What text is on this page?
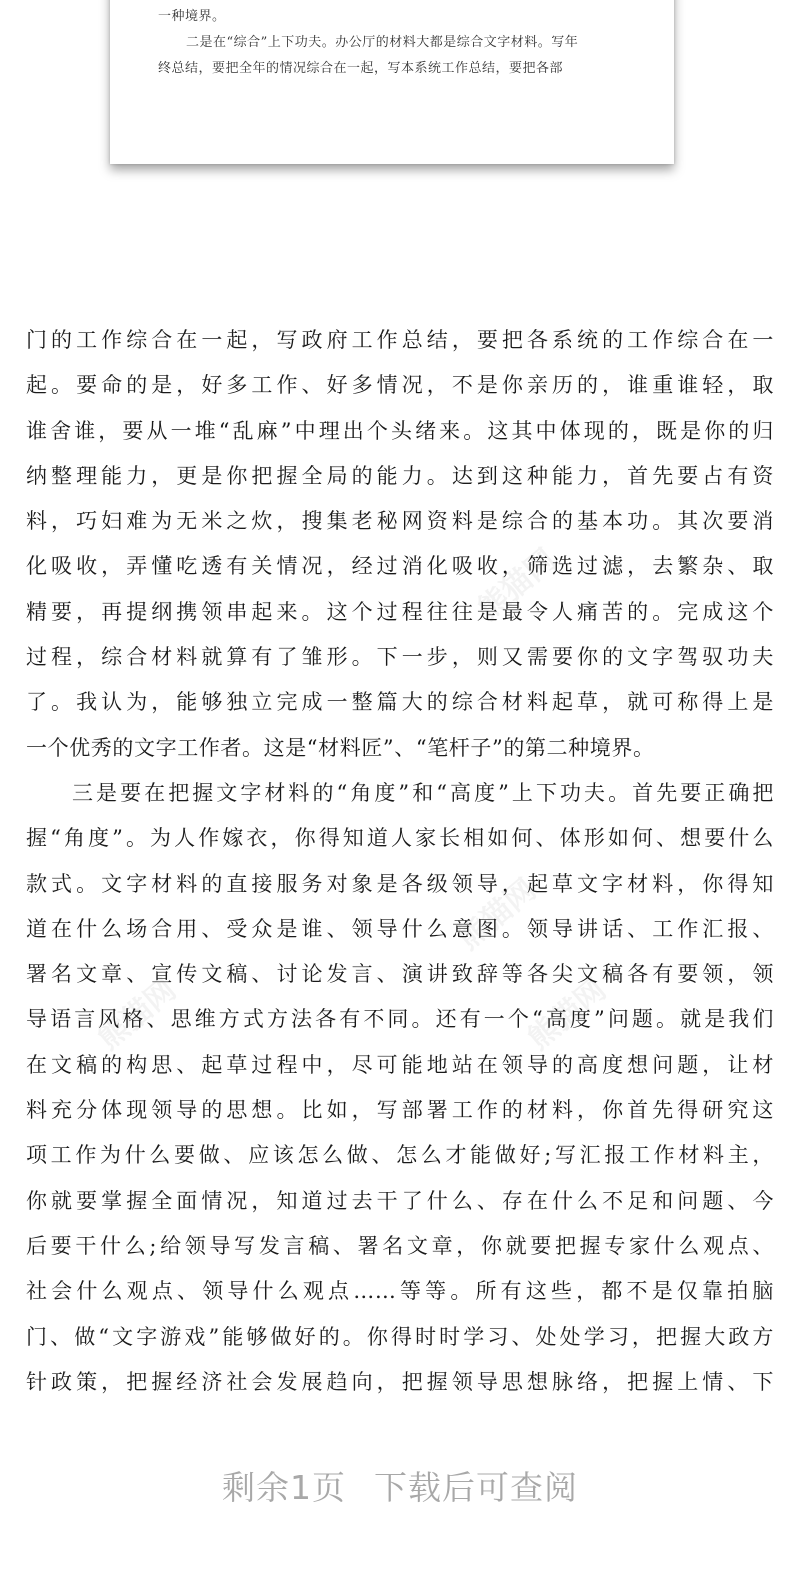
一种境界。
二是在“综合”上下功夫。办公厅的材料大都是综合文字材料。写年
终总结，要把全年的情况综合在一起，写本系统工作总结，要把各部
熊猫网
熊猫网
熊猫网	熊猫网
门的工作综合在一起，写政府工作总结，要把各系统的工作综合在一
起。要命的是，好多工作、好多情况，不是你亲历的，谁重谁轻，取
谁舍谁，要从一堆“乱麻”中理出个头绪来。这其中体现的，既是你的归
纳整理能力，更是你把握全局的能力。达到这种能力，首先要占有资
料，巧妇难为无米之炊，搜集老秘网资料是综合的基本功。其次要消
化吸收，弄懂吃透有关情况，经过消化吸收，筛选过滤，去繁杂、取
精要，再提纲携领串起来。这个过程往往是最令人痛苦的。完成这个
过程，综合材料就算有了雏形。下一步，则又需要你的文字驾驭功夫
了。我认为，能够独立完成一整篇大的综合材料起草，就可称得上是
一个优秀的文字工作者。这是“材料匠”、“笔杆子”的第二种境界。
三是要在把握文字材料的“角度”和“高度”上下功夫。首先要正确把
握“角度”。为人作嫁衣，你得知道人家长相如何、体形如何、想要什么
款式。文字材料的直接服务对象是各级领导，起草文字材料，你得知
道在什么场合用、受众是谁、领导什么意图。领导讲话、工作汇报、
署名文章、宣传文稿、讨论发言、演讲致辞等各尖文稿各有要领，领
导语言风格、思维方式方法各有不同。还有一个“高度”问题。就是我们
在文稿的构思、起草过程中，尽可能地站在领导的高度想问题，让材
料充分体现领导的思想。比如，写部署工作的材料，你首先得研究这
项工作为什么要做、应该怎么做、怎么才能做好;写汇报工作材料主，
你就要掌握全面情况，知道过去干了什么、存在什么不足和问题、今
后要干什么;给领导写发言稿、署名文章，你就要把握专家什么观点、
社会什么观点、领导什么观点……等等。所有这些，都不是仅靠拍脑
门、做“文字游戏”能够做好的。你得时时学习、处处学习，把握大政方
针政策，把握经济社会发展趋向，把握领导思想脉络，把握上情、下
剩余1页 下载后可查阅
